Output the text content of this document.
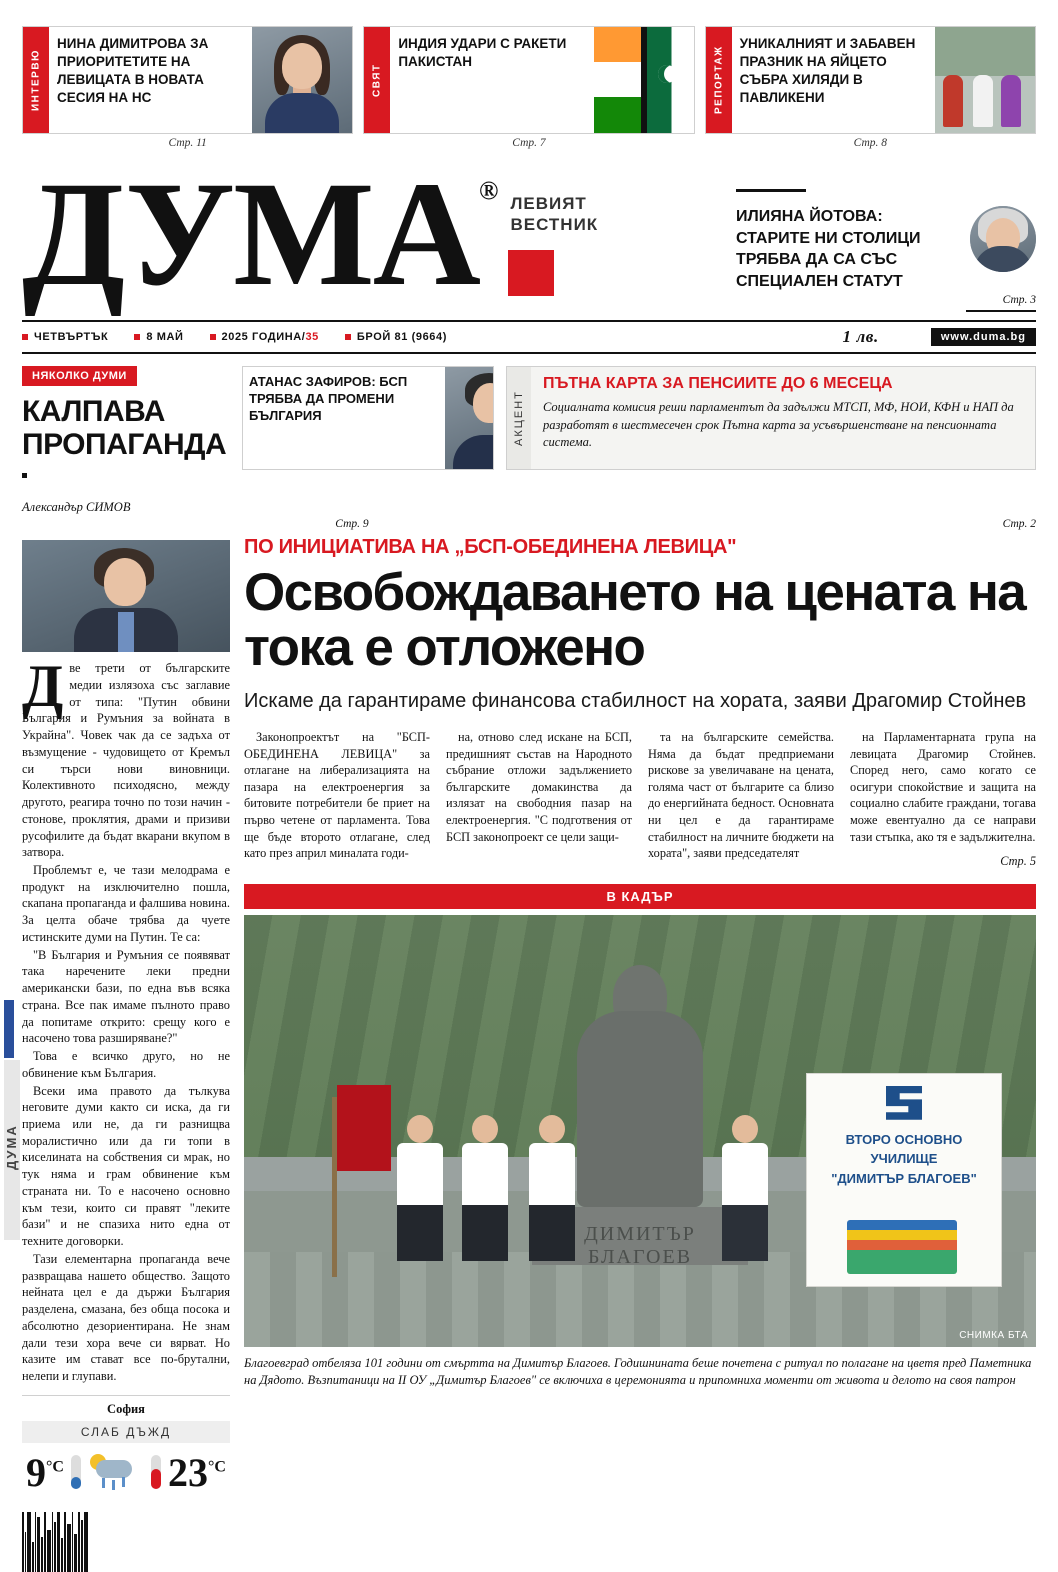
ИНТЕРВЮ
НИНА ДИМИТРОВА ЗА ПРИОРИТЕТИТЕ НА ЛЕВИЦАТА В НОВАТА СЕСИЯ НА НС
СВЯТ
ИНДИЯ УДАРИ С РАКЕТИ ПАКИСТАН	РЕПОРТАЖ
УНИКАЛНИЯТ И ЗАБАВЕН ПРАЗНИК НА ЯЙЦЕТО СЪБРА ХИЛЯДИ В ПАВЛИКЕНИ
Стр. 11	Стр. 7	Стр. 8
ДУМА® ЛЕВИЯТ
ВЕСТНИК	ИЛИЯНА ЙОТОВА: СТАРИТЕ НИ СТОЛИЦИ ТРЯБВА ДА СА СЪС СПЕЦИАЛЕН СТАТУТ
Стр. 3
ЧЕТВЪРТЪК	8 МАЙ	2025 ГОДИНА/35	БРОЙ 81 (9664)	1 лв.	www.duma.bg
НЯКОЛКО ДУМИ
КАЛПАВА ПРОПАГАНДА
Александър СИМОВ
АТАНАС ЗАФИРОВ: БСП ТРЯБВА ДА ПРОМЕНИ БЪЛГАРИЯ	АКЦЕНТ
ПЪТНА КАРТА ЗА ПЕНСИИТЕ ДО 6 МЕСЕЦА

Социалната комисия реши парламентът да задължи МТСП, МФ, НОИ, КФН и НАП да разработят в шестмесечен срок Пътна карта за усъвършенстване на пенсионната система.

Стр. 9	Стр. 2

Две трети от българските медии излязоха със заглавие от типа: "Путин обвини България и Румъния за войната в Украйна". Човек чак да се задъха от възмущение - чудовището от Кремъл си търси нови виновници. Колективното психодясно, между другото, реагира точно по този начин - стонове, проклятия, драми и призиви русофилите да бъдат вкарани вкупом в затвора.

Проблемът е, че тази мелодрама е продукт на изключително пошла, скапана пропаганда и фалшива новина. За целта обаче трябва да чуете истинските думи на Путин. Те са:

"В България и Румъния се появяват така наречените леки предни американски бази, по една във всяка страна. Все пак имаме пълното право да попитаме открито: срещу кого е насочено това разширяване?"

Това е всичко друго, но не обвинение към България.

Всеки има правото да тълкува неговите думи както си иска, да ги приема или не, да ги разнищва моралистично или да ги топи в киселината на собствения си мрак, но тук няма и грам обвинение към страната ни. То е насочено основно към тези, които си правят "леките бази" и не спазиха нито една от техните договорки.

Тази елементарна пропаганда вече развращава нашето общество. Защото нейната цел е да държи България разделена, смазана, без обща посока и абсолютно дезориентирана. Не знам дали тези хора вече си вярват. Но казите им стават все по-брутални, нелепи и глупави.

София
СЛАБ ДЪЖД
$9^{^\circ C}$	$23^{^\circ C}$
ПО ИНИЦИАТИВА НА „БСП-ОБЕДИНЕНА ЛЕВИЦА"
Освобождаването на цената на тока е отложено
Искаме да гарантираме финансова стабилност на хората, заяви Драгомир Стойнев

Законопроектът на "БСП-ОБЕДИНЕНА ЛЕВИЦА" за отлагане на либерализацията на пазара на електроенергия за битовите потребители бе приет на първо четене от парламента. Това ще бъде второто отлагане, след като през април миналата годи-

на, отново след искане на БСП, предишният състав на Народното събрание отложи задължението българските домакинства да излязат на свободния пазар на електроенергия. "С подготвения от БСП законопроект се цели защи-

та на българските семейства. Няма да бъдат предприемани рискове за увеличаване на цената, голяма част от българите са близо до енергийната бедност. Основната ни цел е да гарантираме стабилност на личните бюджети на хората", заяви председателят

на Парламентарната група на левицата Драгомир Стойнев. Според него, само когато се осигури спокойствие и защита на социално слабите граждани, тогава може евентуално да се направи тази стъпка, ако тя е задължителна.

Стр. 5
В КАДЪР
ДИМИТЪР БЛАГОЕВ
ВТОРО ОСНОВНО
УЧИЛИЩЕ
"ДИМИТЪР БЛАГОЕВ"
СНИМКА БТА
Благоевград отбеляза 101 години от смъртта на Димитър Благоев. Годишнината беше почетена с ритуал по полагане на цветя пред Паметника на Дядото. Възпитаници на II ОУ „Димитър Благоев" се включиха в церемонията и припомниха моменти от живота и делото на своя патрон
ДУМА
